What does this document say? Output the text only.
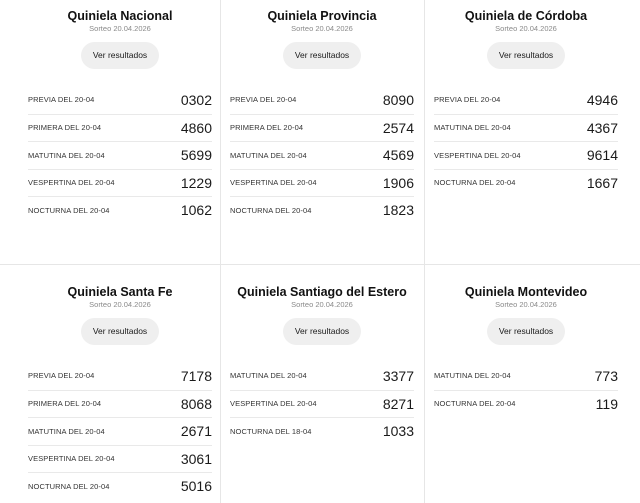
Quiniela Nacional
Sorteo 20.04.2026
Ver resultados
PREVIA DEL 20-04	0302
PRIMERA DEL 20-04	4860
MATUTINA DEL 20-04	5699
VESPERTINA DEL 20-04	1229
NOCTURNA DEL 20-04	1062
Quiniela Provincia
Sorteo 20.04.2026
Ver resultados
PREVIA DEL 20-04	8090
PRIMERA DEL 20-04	2574
MATUTINA DEL 20-04	4569
VESPERTINA DEL 20-04	1906
NOCTURNA DEL 20-04	1823
Quiniela de Córdoba
Sorteo 20.04.2026
Ver resultados
PREVIA DEL 20-04	4946
MATUTINA DEL 20-04	4367
VESPERTINA DEL 20-04	9614
NOCTURNA DEL 20-04	1667
Quiniela Santa Fe
Sorteo 20.04.2026
Ver resultados
PREVIA DEL 20-04	7178
PRIMERA DEL 20-04	8068
MATUTINA DEL 20-04	2671
VESPERTINA DEL 20-04	3061
NOCTURNA DEL 20-04	5016
Quiniela Santiago del Estero
Sorteo 20.04.2026
Ver resultados
MATUTINA DEL 20-04	3377
VESPERTINA DEL 20-04	8271
NOCTURNA DEL 18-04	1033
Quiniela Montevideo
Sorteo 20.04.2026
Ver resultados
MATUTINA DEL 20-04	773
NOCTURNA DEL 20-04	119
